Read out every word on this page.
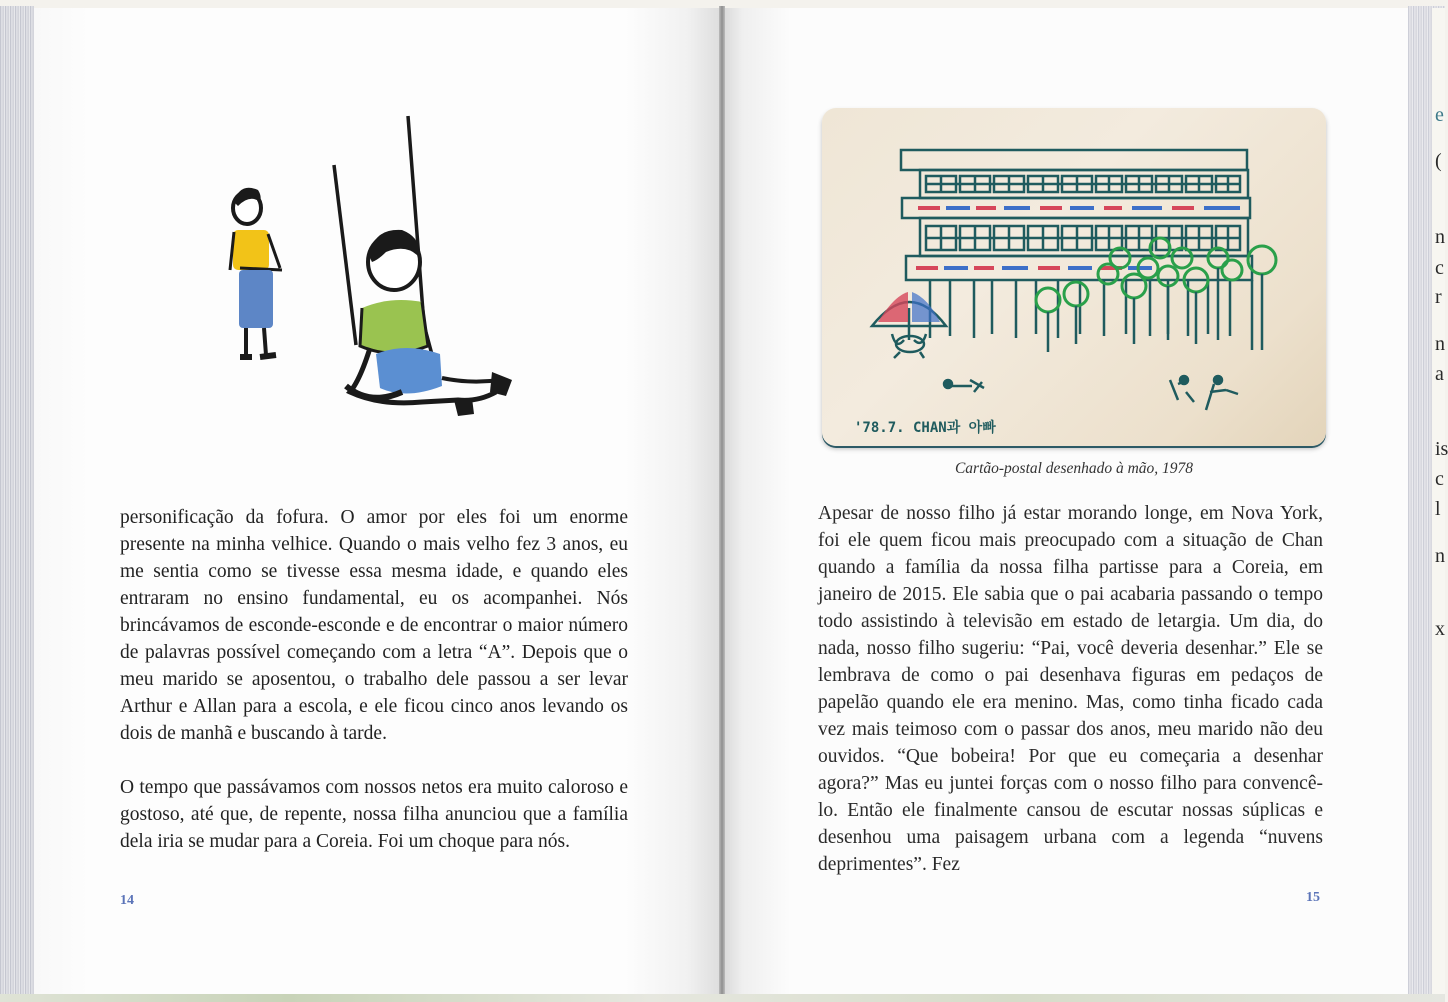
e
(
n
c
r
n
a
is
c
l
n
x

personificação da fofura. O amor por eles foi um enorme presente na minha velhice. Quando o mais velho fez 3 anos, eu me sentia como se tivesse essa mesma idade, e quando eles entraram no ensino fundamental, eu os acompanhei. Nós brincávamos de esconde-esconde e de encontrar o maior número de palavras possível começando com a letra “A”. Depois que o meu marido se aposentou, o trabalho dele passou a ser levar Arthur e Allan para a escola, e ele ficou cinco anos levando os dois de manhã e buscando à tarde.

O tempo que passávamos com nossos netos era muito caloroso e gostoso, até que, de repente, nossa filha anunciou que a família dela iria se mudar para a Coreia. Foi um choque para nós.

14
'78.7. CHAN과 아빠
Cartão-postal desenhado à mão, 1978

Apesar de nosso filho já estar morando longe, em Nova York, foi ele quem ficou mais preocupado com a situação de Chan quando a família da nossa filha partisse para a Coreia, em janeiro de 2015. Ele sabia que o pai acabaria passando o tempo todo assistindo à televisão em estado de letargia. Um dia, do nada, nosso filho sugeriu: “Pai, você deveria desenhar.” Ele se lembrava de como o pai desenhava figuras em pedaços de papelão quando ele era menino. Mas, como tinha ficado cada vez mais teimoso com o passar dos anos, meu marido não deu ouvidos. “Que bobeira! Por que eu começaria a desenhar agora?” Mas eu juntei forças com o nosso filho para convencê-lo. Então ele finalmente cansou de escutar nossas súplicas e desenhou uma paisagem urbana com a legenda “nuvens deprimentes”. Fez

15
